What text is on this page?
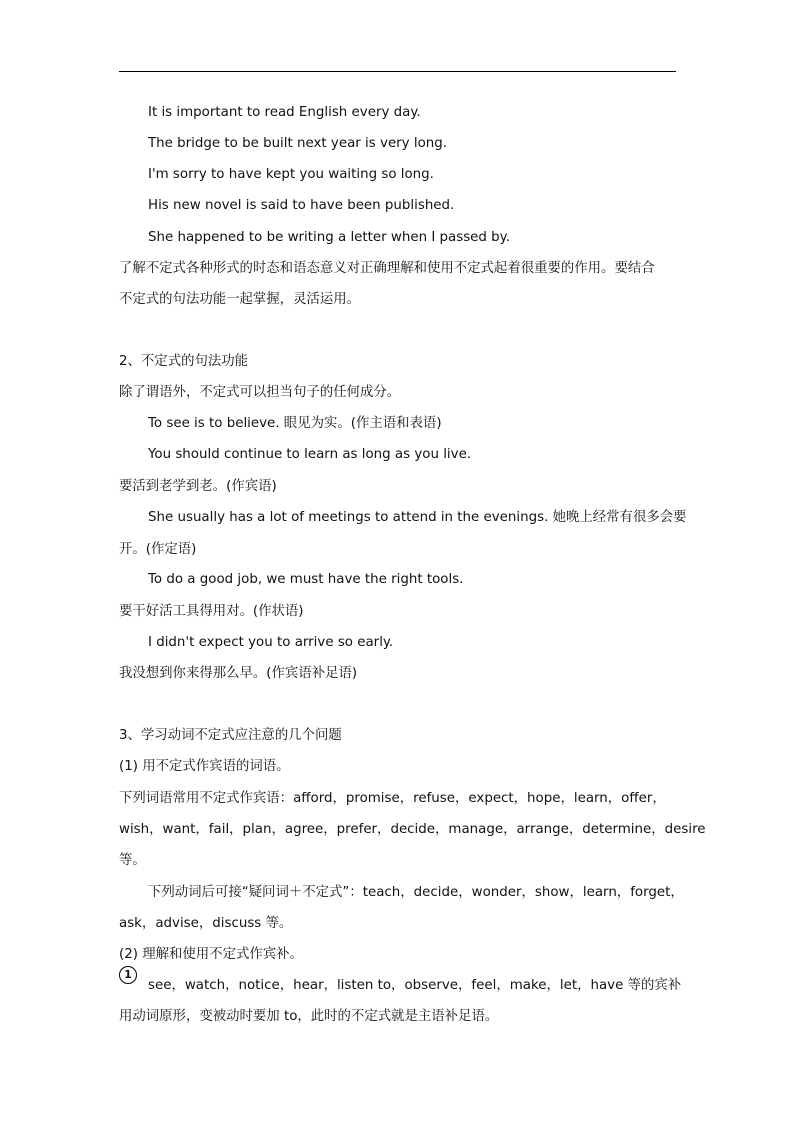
It is important to read English every day.
The bridge to be built next year is very long.
I'm sorry to have kept you waiting so long.
His new novel is said to have been published.
She happened to be writing a letter when I passed by.
了解不定式各种形式的时态和语态意义对正确理解和使用不定式起着很重要的作用。要结合
不定式的句法功能一起掌握，灵活运用。
2、不定式的句法功能
除了谓语外，不定式可以担当句子的任何成分。
To see is to believe. 眼见为实。(作主语和表语)
You should continue to learn as long as you live.
要活到老学到老。(作宾语)
She usually has a lot of meetings to attend in the evenings. 她晚上经常有很多会要
开。(作定语)
To do a good job, we must have the right tools.
要干好活工具得用对。(作状语)
I didn't expect you to arrive so early.
我没想到你来得那么早。(作宾语补足语)
3、学习动词不定式应注意的几个问题
(1) 用不定式作宾语的词语。
下列词语常用不定式作宾语：afford，promise，refuse，expect，hope，learn，offer，
wish，want，fail，plan，agree，prefer，decide，manage，arrange，determine，desire
等。
下列动词后可接“疑问词＋不定式”：teach，decide，wonder，show，learn，forget，
ask，advise，discuss 等。
(2) 理解和使用不定式作宾补。
1
see，watch，notice，hear，listen to，observe，feel，make，let，have 等的宾补
用动词原形，变被动时要加 to，此时的不定式就是主语补足语。
